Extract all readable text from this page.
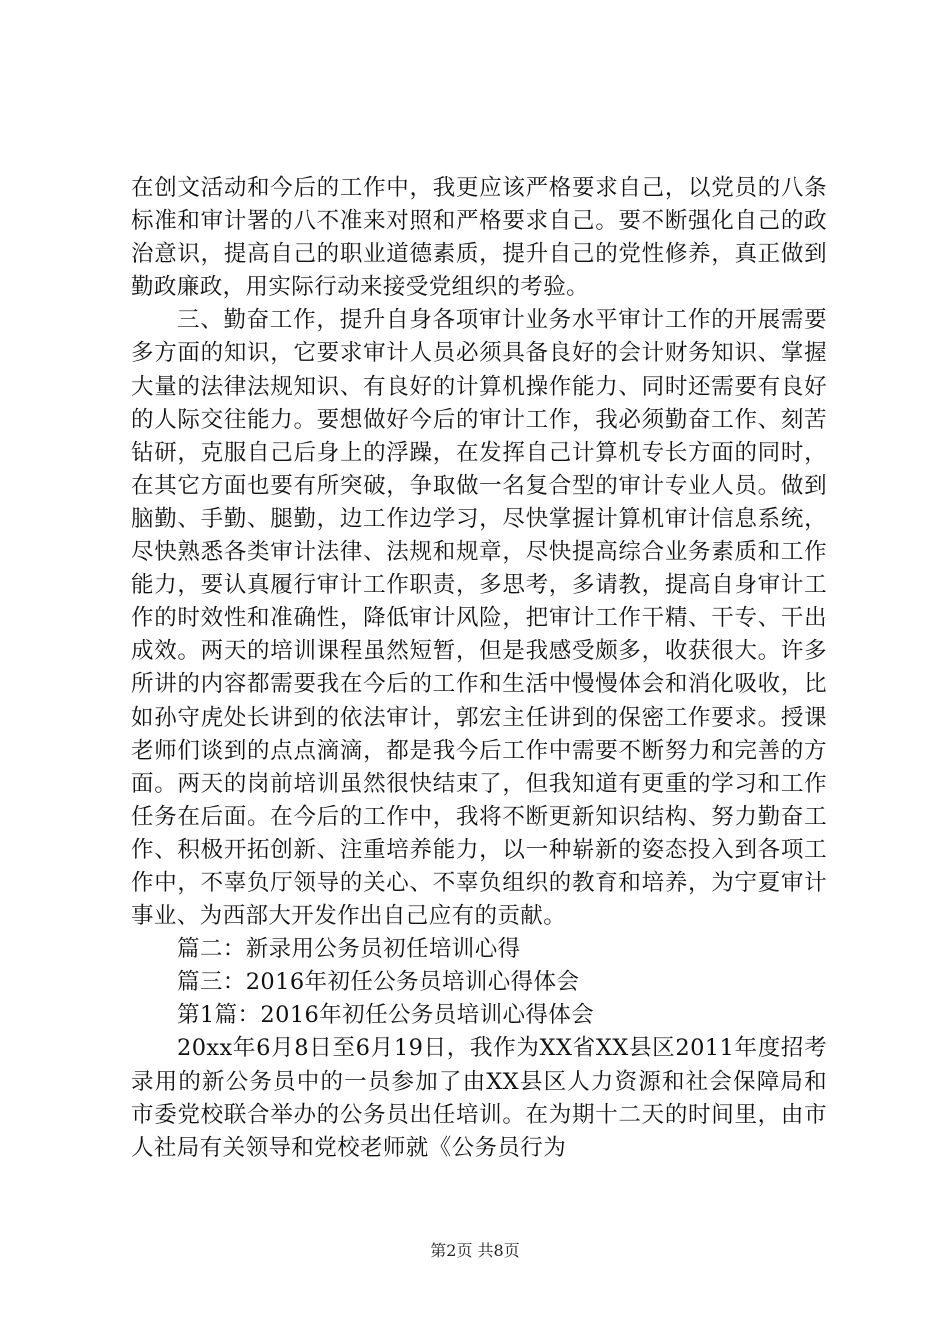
在创文活动和今后的工作中，我更应该严格要求自己，以党员的八条标准和审计署的八不准来对照和严格要求自己。要不断强化自己的政治意识，提高自己的职业道德素质，提升自己的党性修养，真正做到勤政廉政，用实际行动来接受党组织的考验。

三、勤奋工作，提升自身各项审计业务水平审计工作的开展需要多方面的知识，它要求审计人员必须具备良好的会计财务知识、掌握大量的法律法规知识、有良好的计算机操作能力、同时还需要有良好的人际交往能力。要想做好今后的审计工作，我必须勤奋工作、刻苦钻研，克服自己后身上的浮躁，在发挥自己计算机专长方面的同时，在其它方面也要有所突破，争取做一名复合型的审计专业人员。做到脑勤、手勤、腿勤，边工作边学习，尽快掌握计算机审计信息系统，尽快熟悉各类审计法律、法规和规章，尽快提高综合业务素质和工作能力，要认真履行审计工作职责，多思考，多请教，提高自身审计工作的时效性和准确性，降低审计风险，把审计工作干精、干专、干出成效。两天的培训课程虽然短暂，但是我感受颇多，收获很大。许多所讲的内容都需要我在今后的工作和生活中慢慢体会和消化吸收，比如孙守虎处长讲到的依法审计，郭宏主任讲到的保密工作要求。授课老师们谈到的点点滴滴，都是我今后工作中需要不断努力和完善的方面。两天的岗前培训虽然很快结束了，但我知道有更重的学习和工作任务在后面。在今后的工作中，我将不断更新知识结构、努力勤奋工作、积极开拓创新、注重培养能力，以一种崭新的姿态投入到各项工作中，不辜负厅领导的关心、不辜负组织的教育和培养，为宁夏审计事业、为西部大开发作出自己应有的贡献。

篇二：新录用公务员初任培训心得

篇三：2016年初任公务员培训心得体会

第1篇：2016年初任公务员培训心得体会

20xx年6月8日至6月19日，我作为XX省XX县区2011年度招考录用的新公务员中的一员参加了由XX县区人力资源和社会保障局和市委党校联合举办的公务员出任培训。在为期十二天的时间里，由市人社局有关领导和党校老师就《公务员行为

第2页 共8页
